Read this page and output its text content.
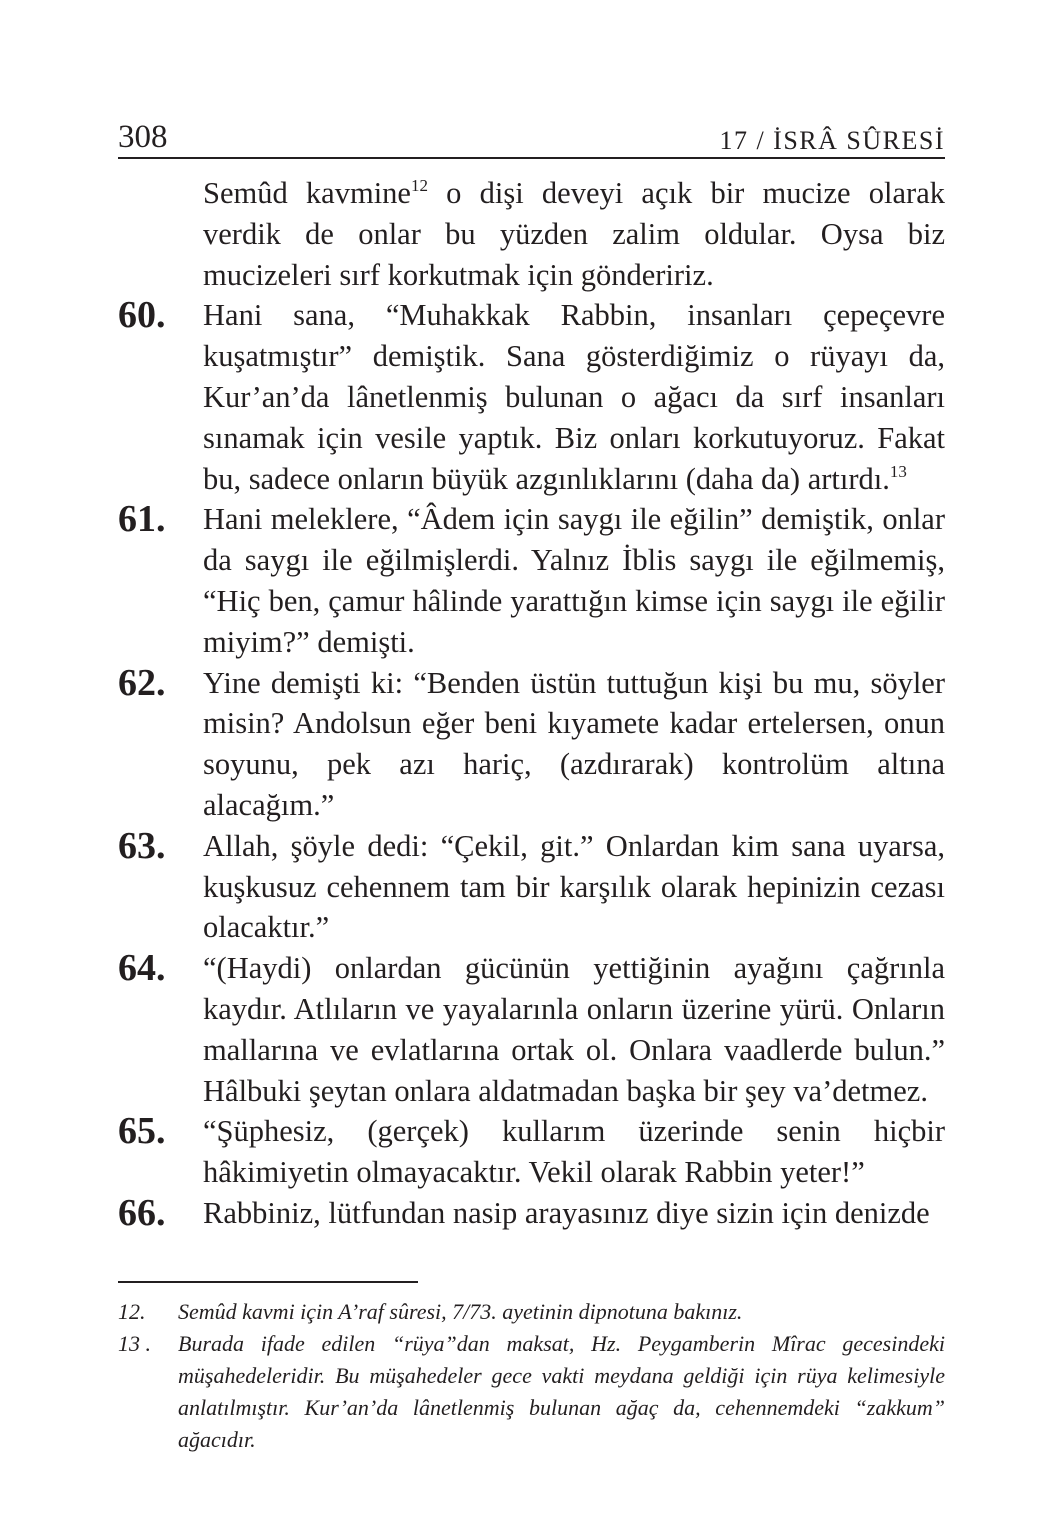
308	17 / İSRÂ SÛRESİ

Semûd kavmine$^{12}$ o dişi deveyi açık bir mucize olarak verdik de onlar bu yüzden zalim oldular. Oysa biz mucizeleri sırf korkutmak için göndeririz.

60. Hani sana, “Muhakkak Rabbin, insanları çepeçevre kuşatmıştır” demiştik. Sana gösterdiğimiz o rüyayı da, Kur’an’da lânetlenmiş bulunan o ağacı da sırf insanları sınamak için vesile yaptık. Biz onları korkutuyoruz. Fakat bu, sadece onların büyük azgınlıklarını (daha da) artırdı.$^{13}$

61. Hani meleklere, “Âdem için saygı ile eğilin” demiştik, onlar da saygı ile eğilmişlerdi. Yalnız İblis saygı ile eğilmemiş, “Hiç ben, çamur hâlinde yarattığın kimse için saygı ile eğilir miyim?” demişti.

62. Yine demişti ki: “Benden üstün tuttuğun kişi bu mu, söyler misin? Andolsun eğer beni kıyamete kadar ertelersen, onun soyunu, pek azı hariç, (azdırarak) kontrolüm altına alacağım.”

63. Allah, şöyle dedi: “Çekil, git.” Onlardan kim sana uyarsa, kuşkusuz cehennem tam bir karşılık olarak hepinizin cezası olacaktır.”

64. “(Haydi) onlardan gücünün yettiğinin ayağını çağrınla kaydır. Atlıların ve yayalarınla onların üzerine yürü. Onların mallarına ve evlatlarına ortak ol. Onlara vaadlerde bulun.” Hâlbuki şeytan onlara aldatmadan başka bir şey va’detmez.

65. “Şüphesiz, (gerçek) kullarım üzerinde senin hiçbir hâkimiyetin olmayacaktır. Vekil olarak Rabbin yeter!”

66. Rabbiniz, lütfundan nasip arayasınız diye sizin için denizde

12. Semûd kavmi için A’raf sûresi, 7/73. ayetinin dipnotuna bakınız.
13 . Burada ifade edilen “rüya”dan maksat, Hz. Peygamberin Mîrac gecesindeki müşahedeleridir. Bu müşahedeler gece vakti meydana geldiği için rüya kelimesiyle anlatılmıştır. Kur’an’da lânetlenmiş bulunan ağaç da, cehennemdeki “zakkum” ağacıdır.
